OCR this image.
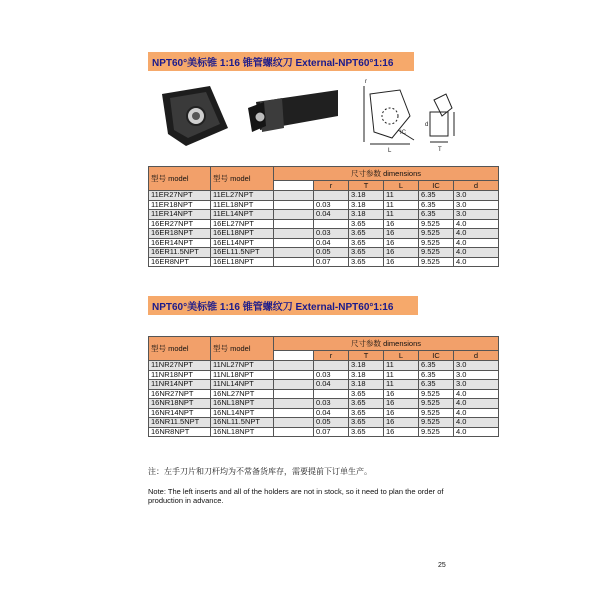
NPT60°美标锥 1:16 锥管螺纹刀 External-NPT60°1:16
r
L
IC
d
T
型号 model	型号 model	尺寸参数 dimensions					
			r	T	L	IC	d
11ER27NPT	11EL27NPT			3.18	11	6.35	3.0
11ER18NPT	11EL18NPT		0.03	3.18	11	6.35	3.0
11ER14NPT	11EL14NPT		0.04	3.18	11	6.35	3.0
16ER27NPT	16EL27NPT			3.65	16	9.525	4.0
16ER18NPT	16EL18NPT		0.03	3.65	16	9.525	4.0
16ER14NPT	16EL14NPT		0.04	3.65	16	9.525	4.0
16ER11.5NPT	16EL11.5NPT		0.05	3.65	16	9.525	4.0
16ER8NPT	16EL18NPT		0.07	3.65	16	9.525	4.0
NPT60°美标锥 1:16 锥管螺纹刀 External-NPT60°1:16
型号 model	型号 model	尺寸参数 dimensions					
			r	T	L	IC	d
11NR27NPT	11NL27NPT			3.18	11	6.35	3.0
11NR18NPT	11NL18NPT		0.03	3.18	11	6.35	3.0
11NR14NPT	11NL14NPT		0.04	3.18	11	6.35	3.0
16NR27NPT	16NL27NPT			3.65	16	9.525	4.0
16NR18NPT	16NL18NPT		0.03	3.65	16	9.525	4.0
16NR14NPT	16NL14NPT		0.04	3.65	16	9.525	4.0
16NR11.5NPT	16NL11.5NPT		0.05	3.65	16	9.525	4.0
16NR8NPT	16NL18NPT		0.07	3.65	16	9.525	4.0
注：左手刀片和刀杆均为不常备货库存，需要提前下订单生产。
Note: The left inserts and all of the holders are not in stock, so it need to plan the order of production in advance.
25
